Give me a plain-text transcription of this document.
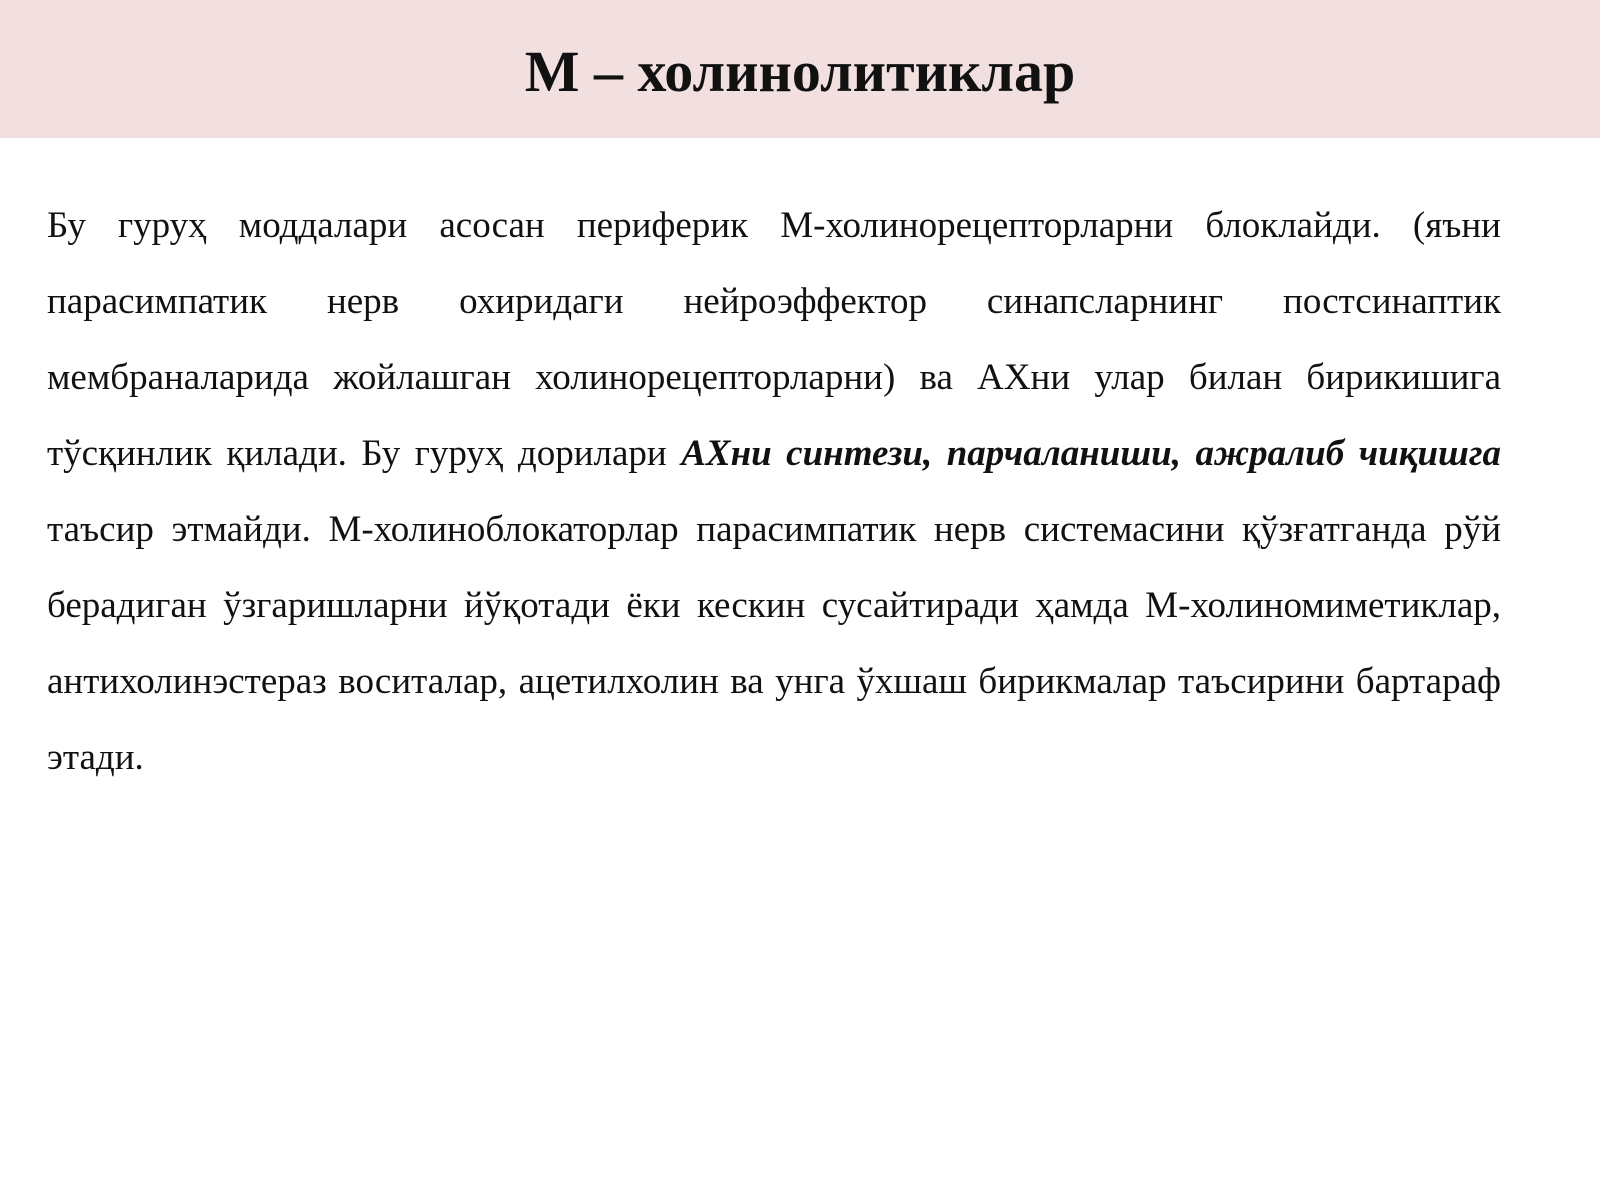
М – холинолитиклар

Бу гуруҳ моддалари асосан периферик М-холинорецепторларни блоклайди. (яъни парасимпатик нерв охиридаги нейроэффектор синапсларнинг постсинаптик мембраналарида жойлашган холинорецепторларни) ва АХни улар билан бирикишига тўсқинлик қилади. Бу гуруҳ дорилари АХни синтези, парчаланиши, ажралиб чиқишга таъсир этмайди. М-холиноблокаторлар парасимпатик нерв системасини қўзғатганда рўй берадиган ўзгаришларни йўқотади ёки кескин сусайтиради ҳамда М-холиномиметиклар, антихолинэстераз воситалар, ацетилхолин ва унга ўхшаш бирикмалар таъсирини бартараф этади.
